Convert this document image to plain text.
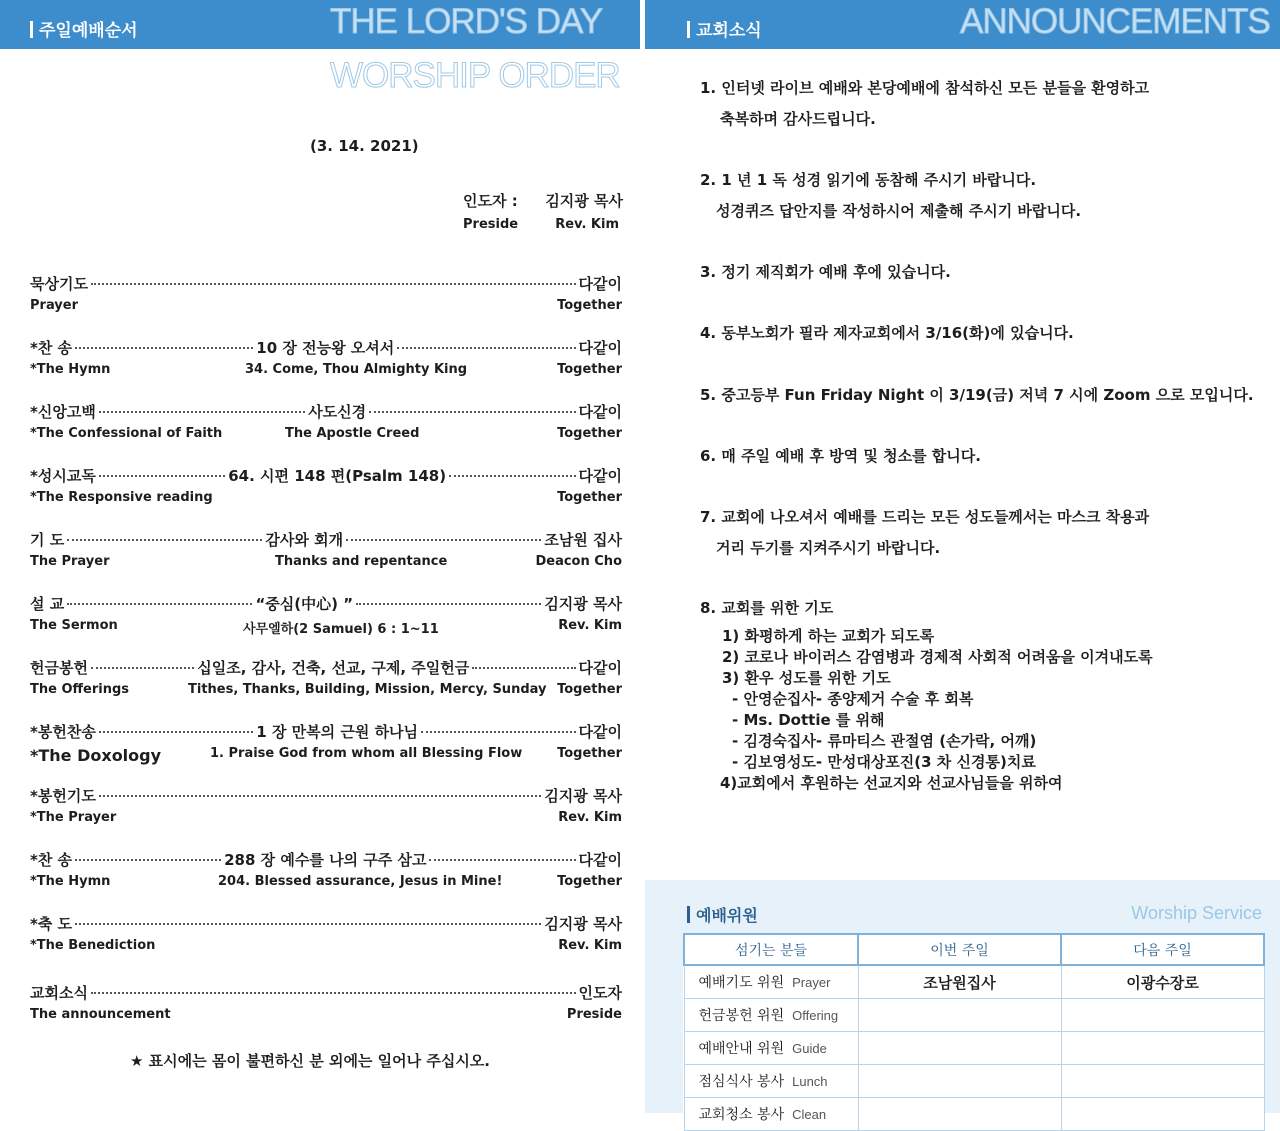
주일예배순서	THE LORD'S DAY
WORSHIP ORDER
(3. 14. 2021)
인도자 : 김지광 목사
Preside	Rev. Kim
묵상기도	다같이
Prayer	Together
*찬 송	10 장 전능왕 오셔서	다같이
*The Hymn	34. Come, Thou Almighty King	Together
*신앙고백	사도신경	다같이
*The Confessional of Faith	The Apostle Creed	Together
*성시교독	64. 시편 148 편(Psalm 148)	다같이
*The Responsive reading	Together
기 도	감사와 회개	조남원 집사
The Prayer	Thanks and repentance	Deacon Cho
설 교	“중심(中心) ”	김지광 목사
The Sermon	사무엘하(2 Samuel) 6 : 1~11	Rev. Kim
헌금봉헌	십일조, 감사, 건축, 선교, 구제, 주일헌금	다같이
The Offerings	Tithes, Thanks, Building, Mission, Mercy, Sunday Together
*봉헌찬송	1 장 만복의 근원 하나님	다같이
*The Doxology	1. Praise God from whom all Blessing Flow	Together
*봉헌기도	김지광 목사
*The Prayer	Rev. Kim
*찬 송	288 장 예수를 나의 구주 삼고	다같이
*The Hymn	204. Blessed assurance, Jesus in Mine!	Together
*축 도	김지광 목사
*The Benediction	Rev. Kim
교회소식	인도자
The announcement	Preside
★ 표시에는 몸이 불편하신 분 외에는 일어나 주십시오.
교회소식	ANNOUNCEMENTS
1. 인터넷 라이브 예배와 본당예배에 참석하신 모든 분들을 환영하고
축복하며 감사드립니다.
2. 1 년 1 독 성경 읽기에 동참해 주시기 바랍니다.
성경퀴즈 답안지를 작성하시어 제출해 주시기 바랍니다.
3. 정기 제직회가 예배 후에 있습니다.
4. 동부노회가 필라 제자교회에서 3/16(화)에 있습니다.
5. 중고등부 Fun Friday Night 이 3/19(금) 저녁 7 시에 Zoom 으로 모입니다.
6. 매 주일 예배 후 방역 및 청소를 합니다.
7. 교회에 나오셔서 예배를 드리는 모든 성도들께서는 마스크 착용과
거리 두기를 지켜주시기 바랍니다.
8. 교회를 위한 기도
1) 화평하게 하는 교회가 되도록
2) 코로나 바이러스 감염병과 경제적 사회적 어려움을 이겨내도록
3) 환우 성도를 위한 기도
- 안영순집사- 종양제거 수술 후 회복
- Ms. Dottie 를 위해
- 김경숙집사- 류마티스 관절염 (손가락, 어깨)
- 김보영성도- 만성대상포진(3 차 신경통)치료
4)교회에서 후원하는 선교지와 선교사님들을 위하여
예배위원	Worship Service
섬기는 분들	이번 주일	다음 주일
예배기도 위원 Prayer	조남원집사	이광수장로
헌금봉헌 위원 Offering		
예배안내 위원 Guide		
점심식사 봉사 Lunch		
교회청소 봉사 Clean		
